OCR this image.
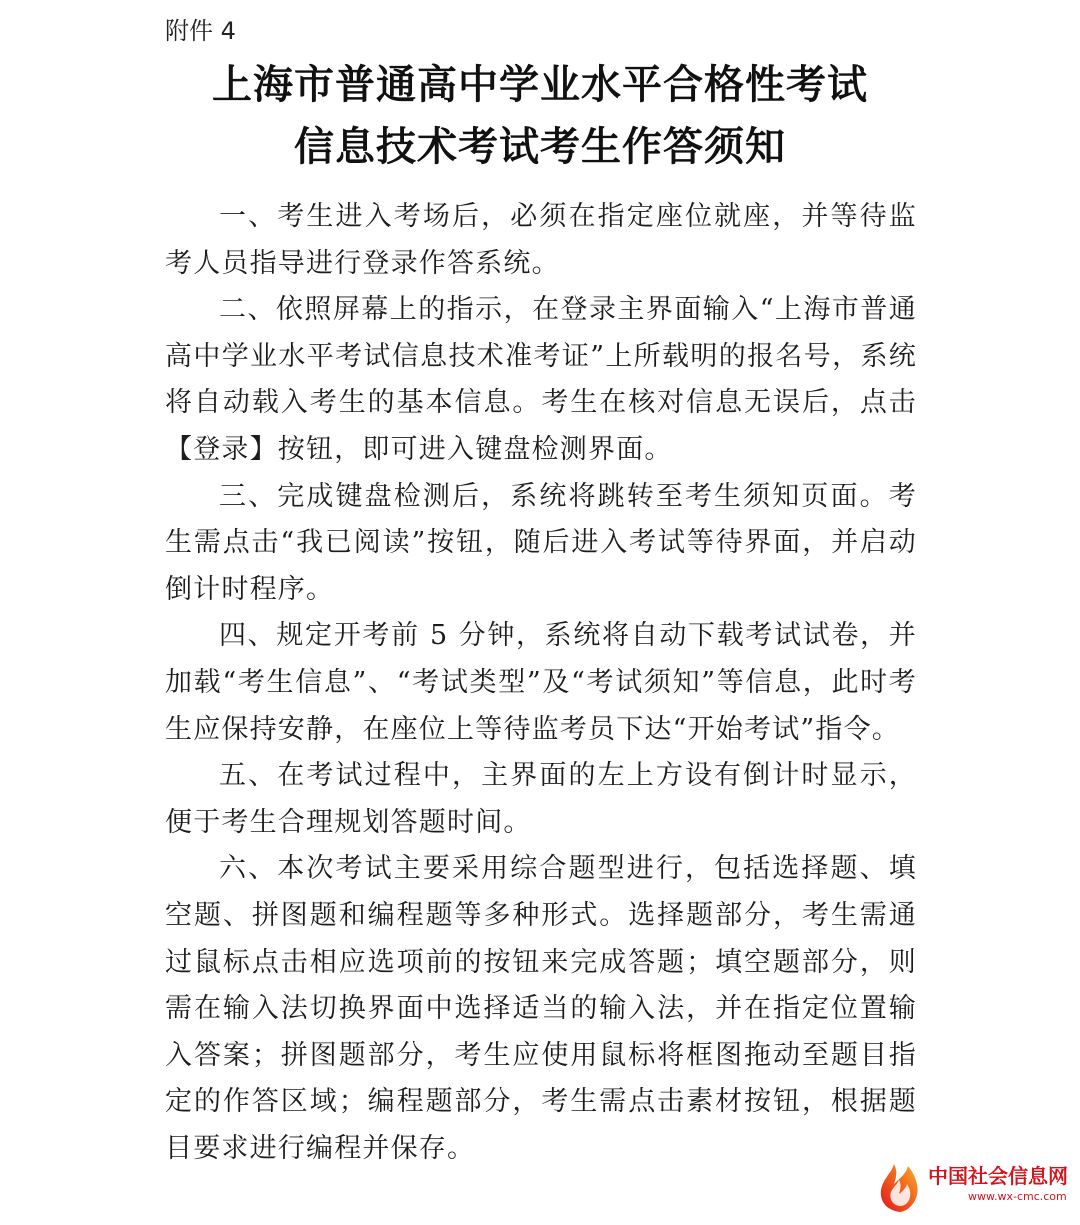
附件 4
上海市普通高中学业水平合格性考试
信息技术考试考生作答须知

一、考生进入考场后，必须在指定座位就座，并等待监考人员指导进行登录作答系统。

二、依照屏幕上的指示，在登录主界面输入“上海市普通高中学业水平考试信息技术准考证”上所载明的报名号，系统将自动载入考生的基本信息。考生在核对信息无误后，点击【登录】按钮，即可进入键盘检测界面。

三、完成键盘检测后，系统将跳转至考生须知页面。考生需点击“我已阅读”按钮，随后进入考试等待界面，并启动倒计时程序。

四、规定开考前 5 分钟，系统将自动下载考试试卷，并加载“考生信息”、“考试类型”及“考试须知”等信息，此时考生应保持安静，在座位上等待监考员下达“开始考试”指令。

五、在考试过程中，主界面的左上方设有倒计时显示，便于考生合理规划答题时间。

六、本次考试主要采用综合题型进行，包括选择题、填空题、拼图题和编程题等多种形式。选择题部分，考生需通过鼠标点击相应选项前的按钮来完成答题；填空题部分，则需在输入法切换界面中选择适当的输入法，并在指定位置输入答案；拼图题部分，考生应使用鼠标将框图拖动至题目指定的作答区域；编程题部分，考生需点击素材按钮，根据题目要求进行编程并保存。

中国社会信息网
www.wx-cmc.com
